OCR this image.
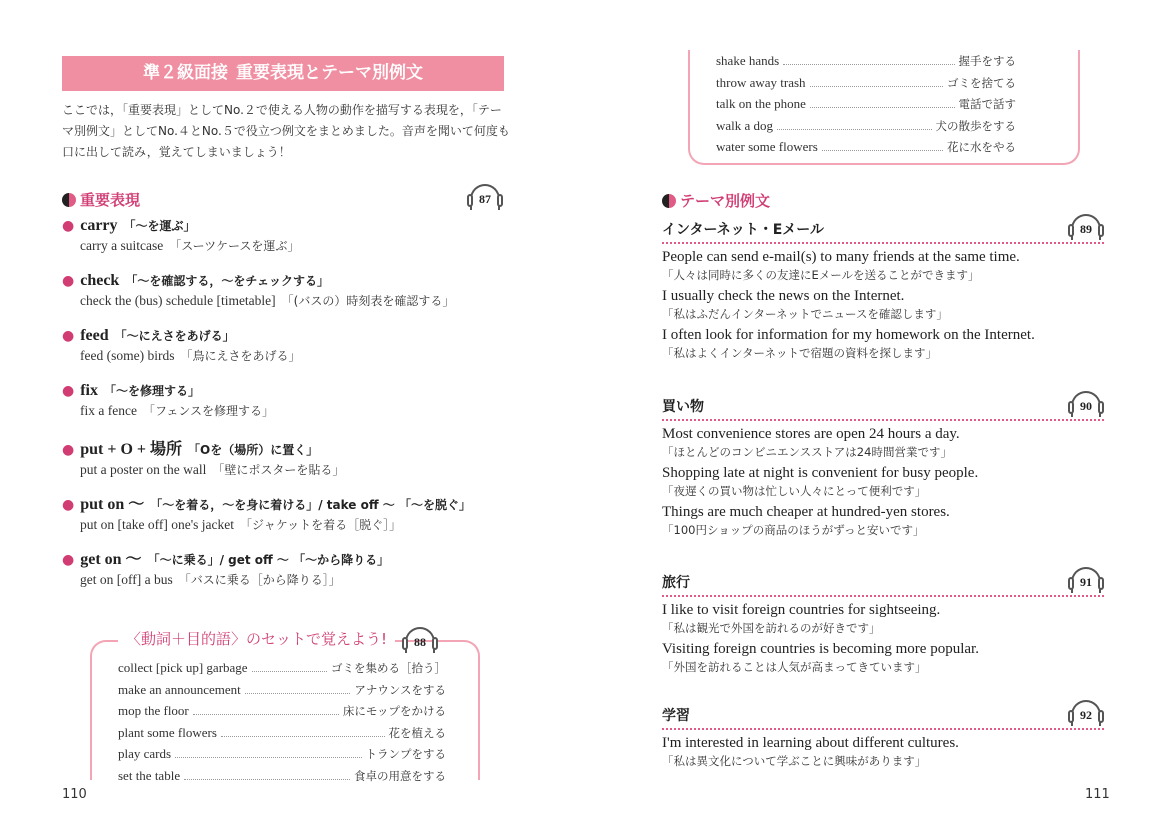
準２級面接 重要表現とテーマ別例文
ここでは，「重要表現」としてNo.２で使える人物の動作を描写する表現を，「テーマ別例文」としてNo.４とNo.５で役立つ例文をまとめました。音声を聞いて何度も口に出して読み，覚えてしまいましょう！
重要表現	87
● carry 「〜を運ぶ」
carry a suitcase 「スーツケースを運ぶ」
● check 「〜を確認する，〜をチェックする」
check the (bus) schedule [timetable] 「(バスの）時刻表を確認する」
● feed 「〜にえさをあげる」
feed (some) birds 「鳥にえさをあげる」
● fix 「〜を修理する」
fix a fence 「フェンスを修理する」
● put + O + 場所 「Oを（場所）に置く」
put a poster on the wall 「壁にポスターを貼る」
● put on 〜 「〜を着る，〜を身に着ける」/ take off 〜 「〜を脱ぐ」
put on [take off] one's jacket 「ジャケットを着る［脱ぐ］」
● get on 〜 「〜に乗る」/ get off 〜 「〜から降りる」
get on [off] a bus 「バスに乗る［から降りる］」
〈動詞＋目的語〉のセットで覚えよう!	88
collect [pick up] garbage	ゴミを集める［拾う］
make an announcement	アナウンスをする
mop the floor	床にモップをかける
plant some flowers	花を植える
play cards	トランプをする
set the table	食卓の用意をする
110
shake hands	握手をする
throw away trash	ゴミを捨てる
talk on the phone	電話で話す
walk a dog	犬の散歩をする
water some flowers	花に水をやる
テーマ別例文
インターネット・Eメール
People can send e-mail(s) to many friends at the same time.
「人々は同時に多くの友達にEメールを送ることができます」
I usually check the news on the Internet.
「私はふだんインターネットでニュースを確認します」
I often look for information for my homework on the Internet.
「私はよくインターネットで宿題の資料を探します」
89
買い物
Most convenience stores are open 24 hours a day.
「ほとんどのコンビニエンスストアは24時間営業です」
Shopping late at night is convenient for busy people.
「夜遅くの買い物は忙しい人々にとって便利です」
Things are much cheaper at hundred-yen stores.
「100円ショップの商品のほうがずっと安いです」
90
旅行
I like to visit foreign countries for sightseeing.
「私は観光で外国を訪れるのが好きです」
Visiting foreign countries is becoming more popular.
「外国を訪れることは人気が高まってきています」
91
学習
I'm interested in learning about different cultures.
「私は異文化について学ぶことに興味があります」
92
111
